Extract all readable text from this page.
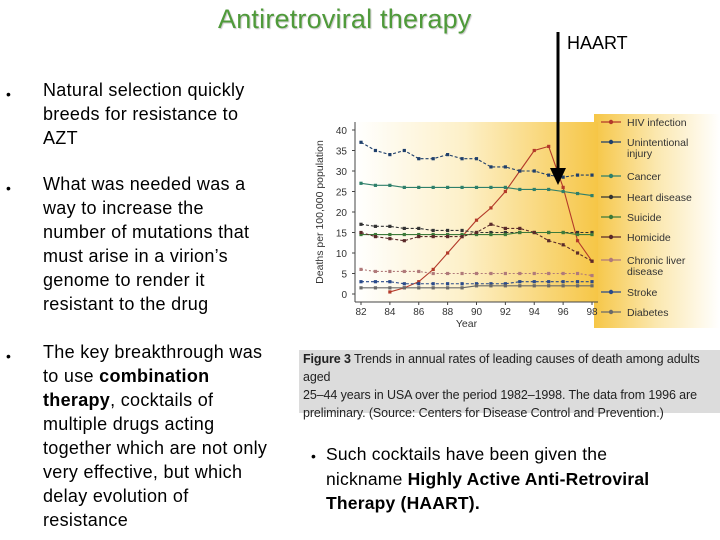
Antiretroviral therapy
HAART
• Natural selection quickly
breeds for resistance to
AZT
• What was needed was a
way to increase the
number of mutations that
must arise in a virion’s
genome to render it
resistant to the drug
• The key breakthrough was
to use combination
therapy, cocktails of
multiple drugs acting
together which are not only
very effective, but which
delay evolution of
resistance
•
0
5
10
15
20
25
30
35
40
82 84 86 88 90 92 94 96 98
Year
Deaths per 100,000 population
HIV infection
Unintentional
injury
Cancer
Heart disease
Suicide
Homicide
Chronic liver
disease
Stroke
Diabetes
Figure 3 Trends in annual rates of leading causes of death among adults aged
25–44 years in USA over the period 1982–1998. The data from 1996 are
preliminary. (Source: Centers for Disease Control and Prevention.)
Such cocktails have been given the
nickname Highly Active Anti-Retroviral
Therapy (HAART).
